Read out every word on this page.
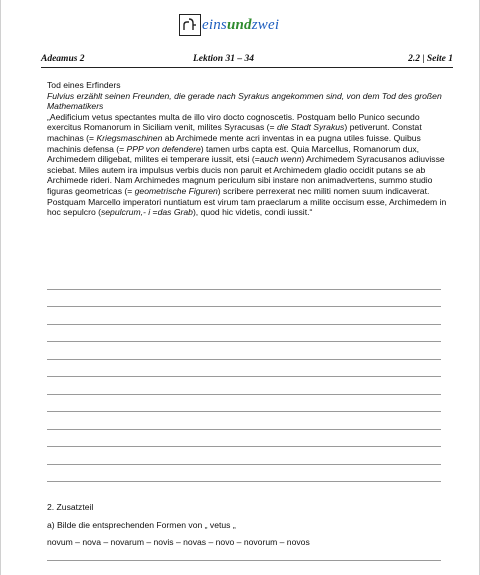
einsundzwei
Adeamus 2	Lektion 31 – 34	2.2 | Seite 1

Tod eines Erfinders

Fulvius erzählt seinen Freunden, die gerade nach Syrakus angekommen sind, von dem Tod des großen Mathematikers

„Aedificium vetus spectantes multa de illo viro docto cognoscetis. Postquam bello Punico secundo exercitus Romanorum in Siciliam venit, milites Syracusas (= die Stadt Syrakus) petiverunt. Constat machinas (= Kriegsmaschinen ab Archimede mente acri inventas in ea pugna utiles fuisse. Quibus machinis defensa (= PPP von defendere) tamen urbs capta est. Quia Marcellus, Romanorum dux, Archimedem diligebat, milites ei temperare iussit, etsi (=auch wenn) Archimedem Syracusanos adiuvisse sciebat. Miles autem ira impulsus verbis ducis non paruit et Archimedem gladio occidit putans se ab Archimede rideri. Nam Archimedes magnum periculum sibi instare non animadvertens, summo studio figuras geometricas (= geometrische Figuren) scribere perrexerat nec militi nomen suum indicaverat. Postquam Marcello imperatori nuntiatum est virum tam praeclarum a milite occisum esse, Archimedem in hoc sepulcro (sepulcrum,- i =das Grab), quod hic videtis, condi iussit.“

2. Zusatzteil

a) Bilde die entsprechenden Formen von „ vetus „

novum – nova – novarum – novis – novas – novo – novorum – novos
